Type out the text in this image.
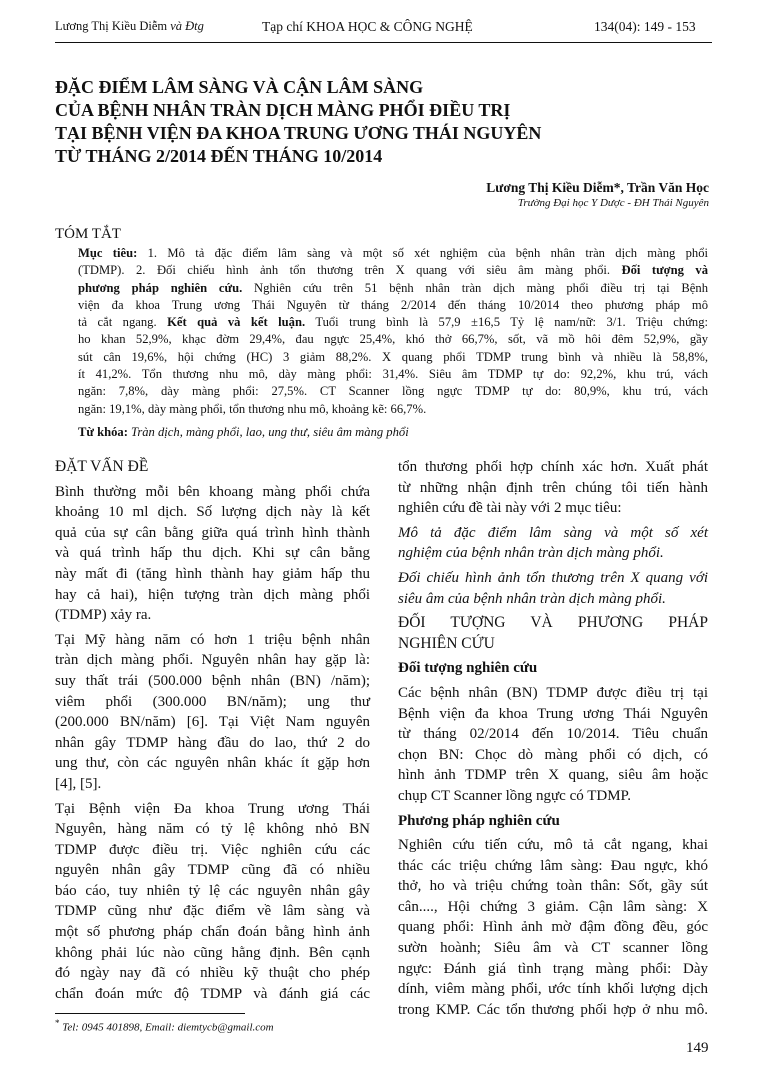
Lương Thị Kiều Diễm và Đtg	Tạp chí KHOA HỌC & CÔNG NGHỆ	134(04): 149 - 153
ĐẶC ĐIỂM LÂM SÀNG VÀ CẬN LÂM SÀNG
CỦA BỆNH NHÂN TRÀN DỊCH MÀNG PHỔI ĐIỀU TRỊ
TẠI BỆNH VIỆN ĐA KHOA TRUNG ƯƠNG THÁI NGUYÊN
TỪ THÁNG 2/2014 ĐẾN THÁNG 10/2014
Lương Thị Kiều Diễm*, Trần Văn Học
Trường Đại học Y Dược - ĐH Thái Nguyên
TÓM TẮT
Mục tiêu: 1. Mô tả đặc điểm lâm sàng và một số xét nghiệm của bệnh nhân tràn dịch màng phổi
(TDMP). 2. Đối chiếu hình ảnh tổn thương trên X quang với siêu âm màng phổi. Đối tượng và
phương pháp nghiên cứu. Nghiên cứu trên 51 bệnh nhân tràn dịch màng phổi điều trị tại Bệnh
viện đa khoa Trung ương Thái Nguyên từ tháng 2/2014 đến tháng 10/2014 theo phương pháp mô
tả cắt ngang. Kết quả và kết luận. Tuổi trung bình là 57,9 ±16,5 Tỷ lệ nam/nữ: 3/1. Triệu chứng:
ho khan 52,9%, khạc đờm 29,4%, đau ngực 25,4%, khó thở 66,7%, sốt, vã mồ hôi đêm 52,9%, gầy
sút cân 19,6%, hội chứng (HC) 3 giảm 88,2%. X quang phổi TDMP trung bình và nhiều là 58,8%,
ít 41,2%. Tổn thương nhu mô, dày màng phổi: 31,4%. Siêu âm TDMP tự do: 92,2%, khu trú, vách
ngăn: 7,8%, dày màng phổi: 27,5%. CT Scanner lồng ngực TDMP tự do: 80,9%, khu trú, vách
ngăn: 19,1%, dày màng phổi, tổn thương nhu mô, khoảng kẽ: 66,7%.
Từ khóa: Tràn dịch, màng phổi, lao, ung thư, siêu âm màng phổi
ĐẶT VẤN ĐỀ
Bình thường mỗi bên khoang màng phổi chứa
khoảng 10 ml dịch. Số lượng dịch này là kết
quả của sự cân bằng giữa quá trình hình thành
và quá trình hấp thu dịch. Khi sự cân bằng
này mất đi (tăng hình thành hay giảm hấp thu
hay cả hai), hiện tượng tràn dịch màng phổi
(TDMP) xảy ra.
Tại Mỹ hàng năm có hơn 1 triệu bệnh nhân
tràn dịch màng phổi. Nguyên nhân hay gặp là:
suy thất trái (500.000 bệnh nhân (BN) /năm);
viêm phổi (300.000 BN/năm); ung thư
(200.000 BN/năm) [6]. Tại Việt Nam nguyên
nhân gây TDMP hàng đầu do lao, thứ 2 do
ung thư, còn các nguyên nhân khác ít gặp hơn
[4], [5].
Tại Bệnh viện Đa khoa Trung ương Thái
Nguyên, hàng năm có tỷ lệ không nhỏ BN
TDMP được điều trị. Việc nghiên cứu các
nguyên nhân gây TDMP cũng đã có nhiều
báo cáo, tuy nhiên tỷ lệ các nguyên nhân gây
TDMP cũng như đặc điểm về lâm sàng và
một số phương pháp chẩn đoán bằng hình ảnh
không phải lúc nào cũng hằng định. Bên cạnh
đó ngày nay đã có nhiều kỹ thuật cho phép
chẩn đoán mức độ TDMP và đánh giá các
tổn thương phối hợp chính xác hơn. Xuất phát
từ những nhận định trên chúng tôi tiến hành
nghiên cứu đề tài này với 2 mục tiêu:
Mô tả đặc điểm lâm sàng và một số xét
nghiệm của bệnh nhân tràn dịch màng phổi.
Đối chiếu hình ảnh tổn thương trên X quang với
siêu âm của bệnh nhân tràn dịch màng phổi.
ĐỐI TƯỢNG VÀ PHƯƠNG PHÁP
NGHIÊN CỨU
Đối tượng nghiên cứu
Các bệnh nhân (BN) TDMP được điều trị tại
Bệnh viện đa khoa Trung ương Thái Nguyên
từ tháng 02/2014 đến 10/2014. Tiêu chuẩn
chọn BN: Chọc dò màng phổi có dịch, có
hình ảnh TDMP trên X quang, siêu âm hoặc
chụp CT Scanner lồng ngực có TDMP.
Phương pháp nghiên cứu
Nghiên cứu tiến cứu, mô tả cắt ngang, khai
thác các triệu chứng lâm sàng: Đau ngực, khó
thở, ho và triệu chứng toàn thân: Sốt, gầy sút
cân...., Hội chứng 3 giảm. Cận lâm sàng: X
quang phổi: Hình ảnh mờ đậm đồng đều, góc
sườn hoành; Siêu âm và CT scanner lồng
ngực: Đánh giá tình trạng màng phổi: Dày
dính, viêm màng phổi, ước tính khối lượng dịch
trong KMP. Các tổn thương phối hợp ở nhu mô.
* Tel: 0945 401898, Email: diemtycb@gmail.com
149
